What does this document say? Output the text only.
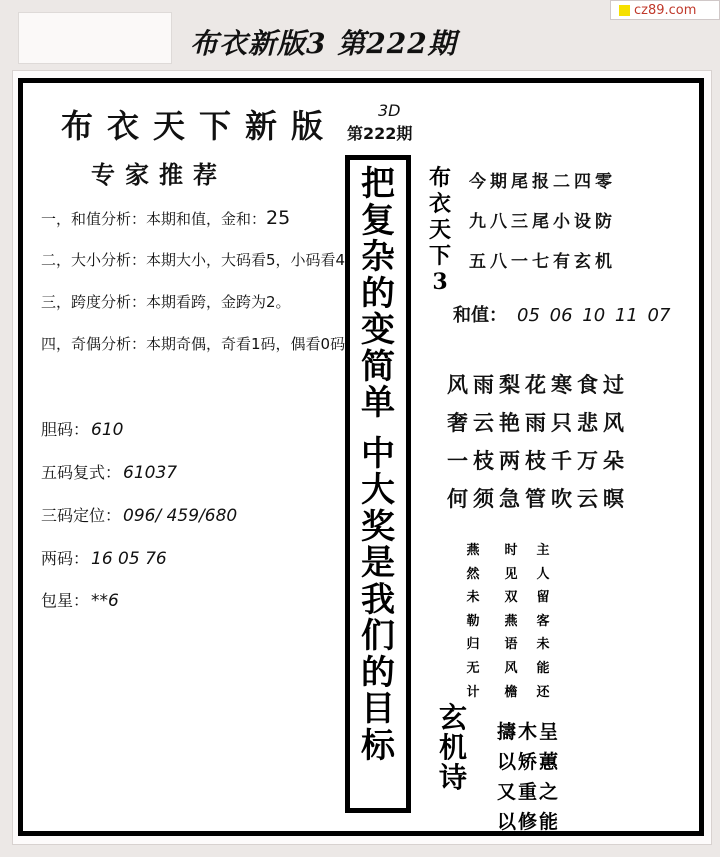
cz89.com
布衣新版3 第222期
布衣天下新版
专家推荐
一，和值分析：本期和值，金和：25
二，大小分析：本期大小，大码看5，小码看4
三，跨度分析：本期看跨，金跨为2。
四，奇偶分析：本期奇偶，奇看1码，偶看0码。
胆码： 610
五码复式： 61037
三码定位： 096/ 459/680
两码： 16 05 76
包星： **6
3D
第222期
把
复
杂
的
变
简
单
中
大
奖
是
我
们
的
目
标
布
衣
天
下
3
今期尾报二四零
九八三尾小设防
五八一七有玄机
和值： 05 06 10 11 07
风雨梨花寒食过
奢云艳雨只悲风
一枝两枝千万朵
何须急管吹云暝
燕
然
未
勒
归
无
计
时
见
双
燕
语
风
檐
主
人
留
客
未
能
还
玄
机
诗
擣木呈
以矫蕙
又重之
以修能
